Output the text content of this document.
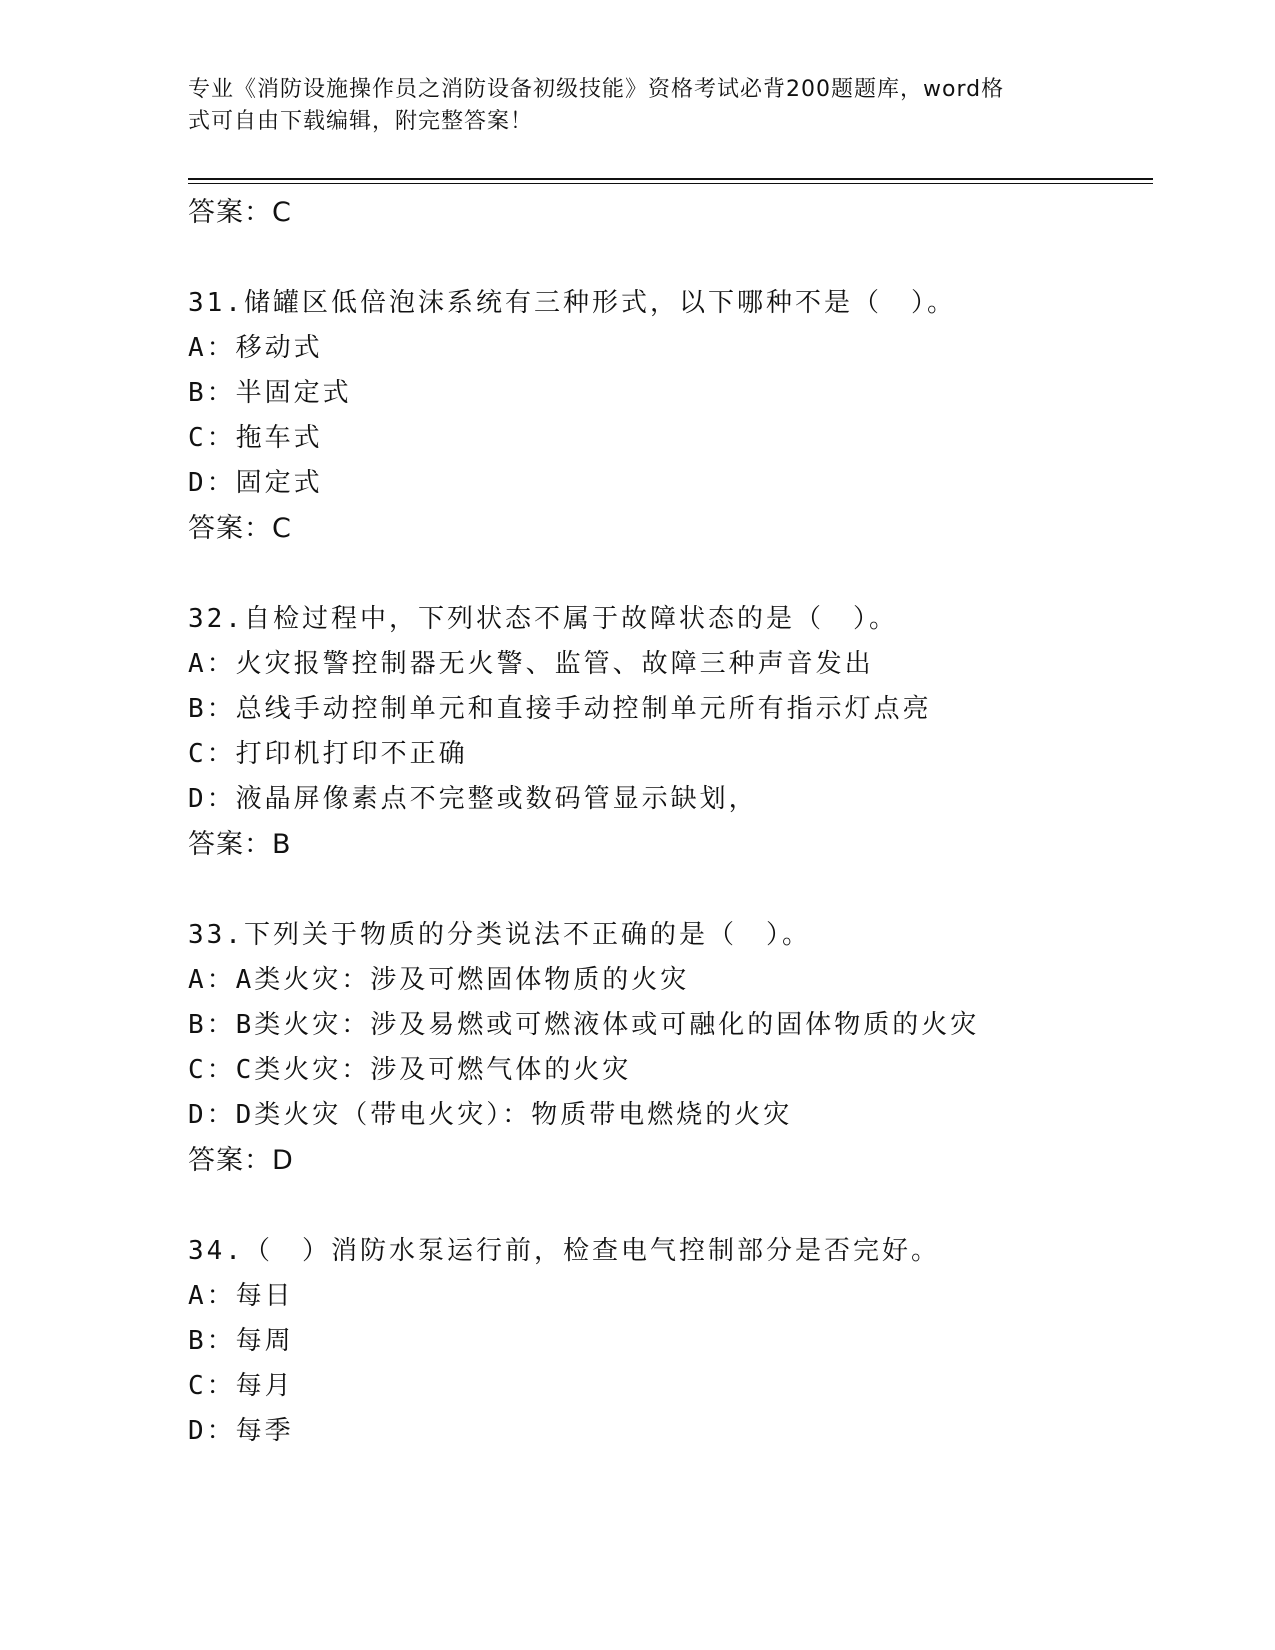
专业《消防设施操作员之消防设备初级技能》资格考试必背200题题库，word格
式可自由下载编辑，附完整答案！
答案：C
31.储罐区低倍泡沫系统有三种形式，以下哪种不是（　）。
A：移动式
B：半固定式
C：拖车式
D：固定式
答案：C
32.自检过程中，下列状态不属于故障状态的是（　）。
A：火灾报警控制器无火警、监管、故障三种声音发出
B：总线手动控制单元和直接手动控制单元所有指示灯点亮
C：打印机打印不正确
D：液晶屏像素点不完整或数码管显示缺划，
答案：B
33.下列关于物质的分类说法不正确的是（　）。
A：A类火灾：涉及可燃固体物质的火灾
B：B类火灾：涉及易燃或可燃液体或可融化的固体物质的火灾
C：C类火灾：涉及可燃气体的火灾
D：D类火灾（带电火灾）：物质带电燃烧的火灾
答案：D
34.（　）消防水泵运行前，检查电气控制部分是否完好。
A：每日
B：每周
C：每月
D：每季
